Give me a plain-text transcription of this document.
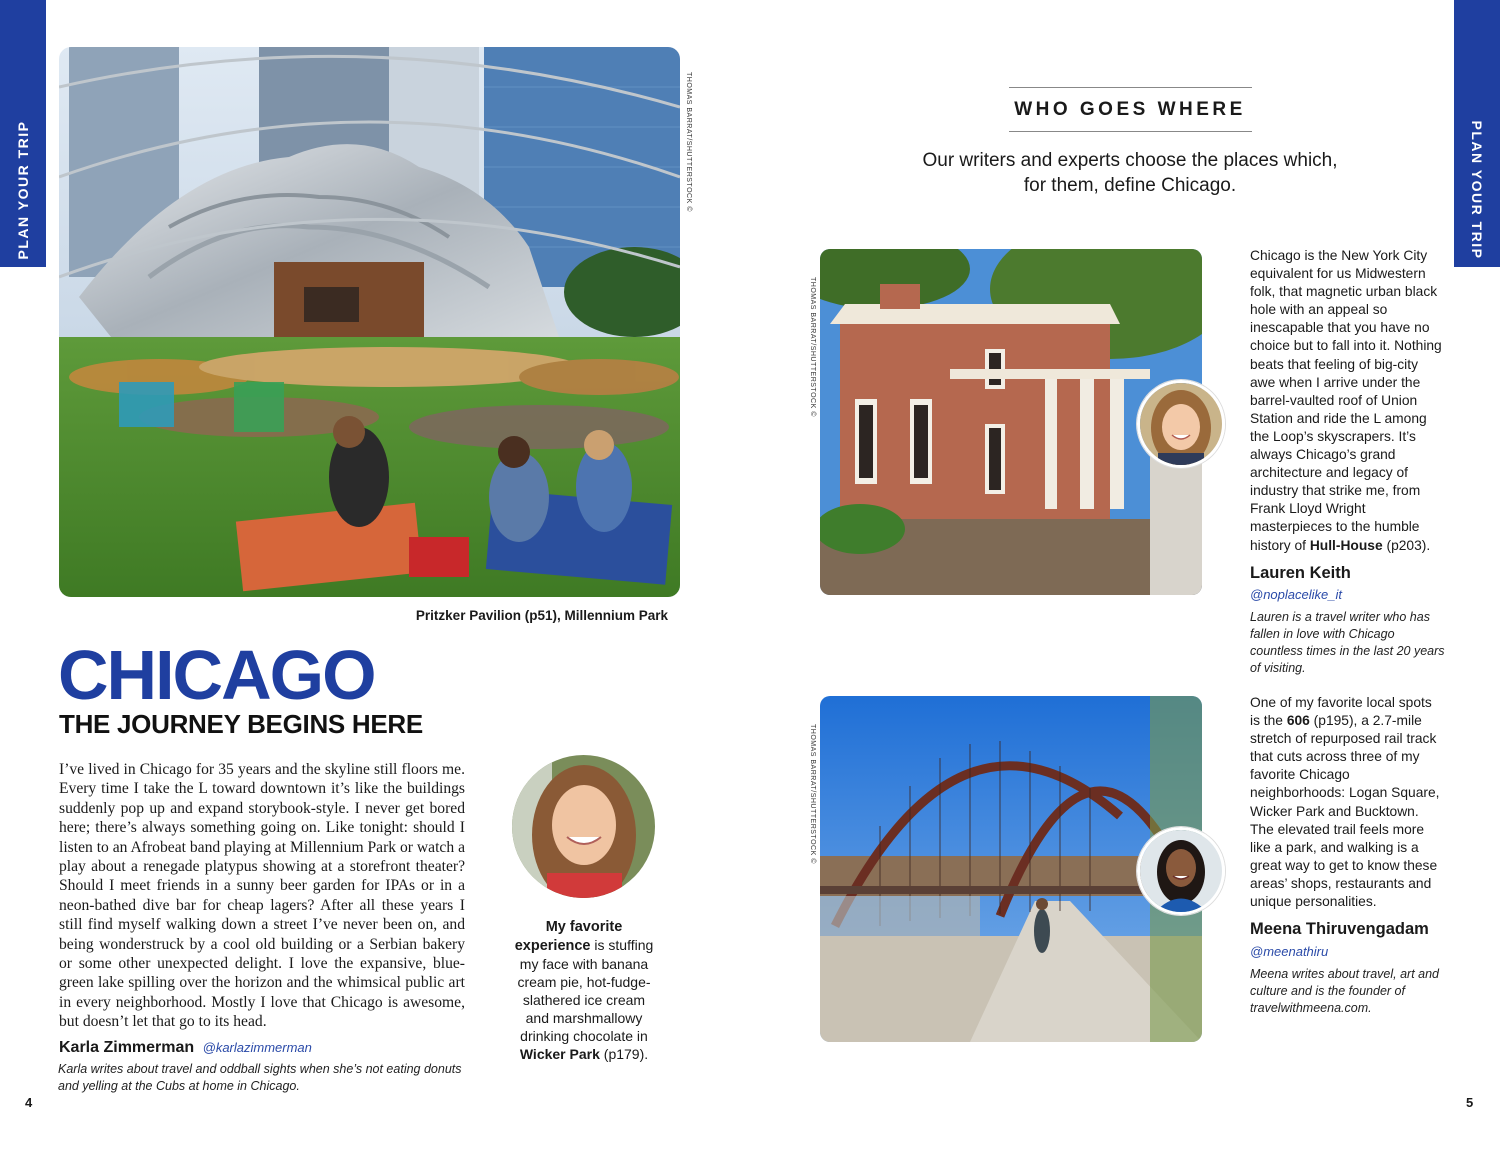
PLAN YOUR TRIP	PLAN YOUR TRIP
THOMAS BARRAT/SHUTTERSTOCK ©
Pritzker Pavilion (p51), Millennium Park
CHICAGO
THE JOURNEY BEGINS HERE
I’ve lived in Chicago for 35 years and the skyline still floors me. Every time I take the L toward downtown it’s like the buildings suddenly pop up and expand storybook-style. I never get bored here; there’s always something going on. Like tonight: should I listen to an Afrobeat band playing at Millennium Park or watch a play about a renegade platypus showing at a storefront theater? Should I meet friends in a sunny beer garden for IPAs or in a neon-bathed dive bar for cheap lagers? After all these years I still find myself walking down a street I’ve never been on, and being wonderstruck by a cool old building or a Serbian bakery or some other unexpected delight. I love the expansive, blue-green lake spilling over the horizon and the whimsical public art in every neighborhood. Mostly I love that Chicago is awesome, but doesn’t let that go to its head.
Karla Zimmerman @karlazimmerman
Karla writes about travel and oddball sights when she’s not eating donuts and yelling at the Cubs at home in Chicago.
My favorite experience is stuffing my face with banana cream pie, hot-fudge-slathered ice cream and marshmallowy drinking chocolate in Wicker Park (p179).
4
WHO GOES WHERE
Our writers and experts choose the places which,
for them, define Chicago.
THOMAS BARRAT/SHUTTERSTOCK ©
Chicago is the New York City equivalent for us Midwestern folk, that magnetic urban black hole with an appeal so inescapable that you have no choice but to fall into it. Nothing beats that feeling of big-city awe when I arrive under the barrel-vaulted roof of Union Station and ride the L among the Loop’s skyscrapers. It’s always Chicago’s grand architecture and legacy of industry that strike me, from Frank Lloyd Wright masterpieces to the humble history of Hull-House (p203).
Lauren Keith
@noplacelike_it
Lauren is a travel writer who has fallen in love with Chicago countless times in the last 20 years of visiting.
THOMAS BARRAT/SHUTTERSTOCK ©
One of my favorite local spots is the 606 (p195), a 2.7-mile stretch of repurposed rail track that cuts across three of my favorite Chicago neighborhoods: Logan Square, Wicker Park and Bucktown. The elevated trail feels more like a park, and walking is a great way to get to know these areas’ shops, restaurants and unique personalities.
Meena Thiruvengadam
@meenathiru
Meena writes about travel, art and culture and is the founder of travelwithmeena.com.
5
